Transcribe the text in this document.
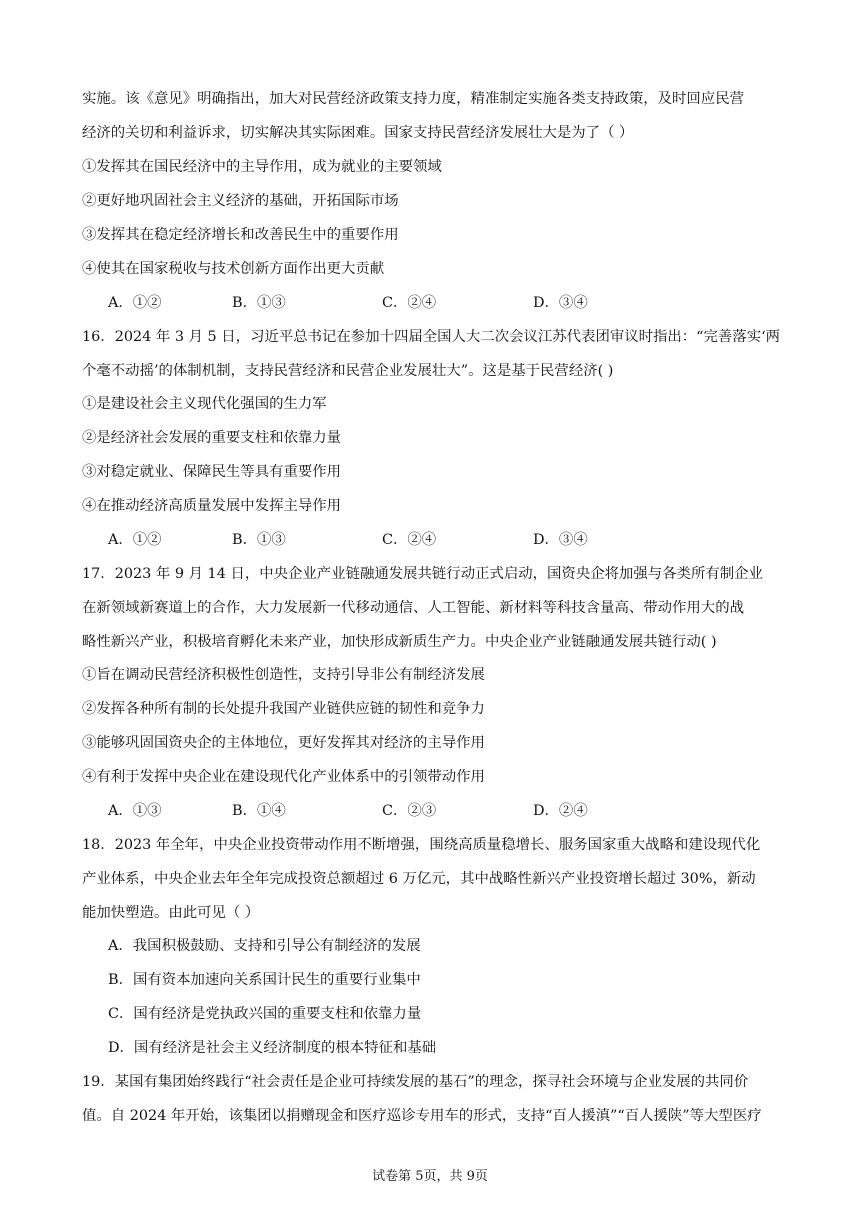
实施。该《意见》明确指出，加大对民营经济政策支持力度，精准制定实施各类支持政策，及时回应民营
经济的关切和利益诉求，切实解决其实际困难。国家支持民营经济发展壮大是为了（ ）
①发挥其在国民经济中的主导作用，成为就业的主要领域
②更好地巩固社会主义经济的基础，开拓国际市场
③发挥其在稳定经济增长和改善民生中的重要作用
④使其在国家税收与技术创新方面作出更大贡献
A．①②	B．①③	C．②④	D．③④
16．2024 年 3 月 5 日，习近平总书记在参加十四届全国人大二次会议江苏代表团审议时指出：“完善落实‘两
个毫不动摇’的体制机制，支持民营经济和民营企业发展壮大”。这是基于民营经济( )
①是建设社会主义现代化强国的生力军
②是经济社会发展的重要支柱和依靠力量
③对稳定就业、保障民生等具有重要作用
④在推动经济高质量发展中发挥主导作用
A．①②	B．①③	C．②④	D．③④
17．2023 年 9 月 14 日，中央企业产业链融通发展共链行动正式启动，国资央企将加强与各类所有制企业
在新领域新赛道上的合作，大力发展新一代移动通信、人工智能、新材料等科技含量高、带动作用大的战
略性新兴产业，积极培育孵化未来产业，加快形成新质生产力。中央企业产业链融通发展共链行动( )
①旨在调动民营经济积极性创造性，支持引导非公有制经济发展
②发挥各种所有制的长处提升我国产业链供应链的韧性和竞争力
③能够巩固国资央企的主体地位，更好发挥其对经济的主导作用
④有利于发挥中央企业在建设现代化产业体系中的引领带动作用
A．①③	B．①④	C．②③	D．②④
18．2023 年全年，中央企业投资带动作用不断增强，围绕高质量稳增长、服务国家重大战略和建设现代化
产业体系，中央企业去年全年完成投资总额超过 6 万亿元，其中战略性新兴产业投资增长超过 30%，新动
能加快塑造。由此可见（ ）
A．我国积极鼓励、支持和引导公有制经济的发展
B．国有资本加速向关系国计民生的重要行业集中
C．国有经济是党执政兴国的重要支柱和依靠力量
D．国有经济是社会主义经济制度的根本特征和基础
19．某国有集团始终践行“社会责任是企业可持续发展的基石”的理念，探寻社会环境与企业发展的共同价
值。自 2024 年开始，该集团以捐赠现金和医疗巡诊专用车的形式，支持“百人援滇”“百人援陕”等大型医疗
试卷第 5页，共 9页
